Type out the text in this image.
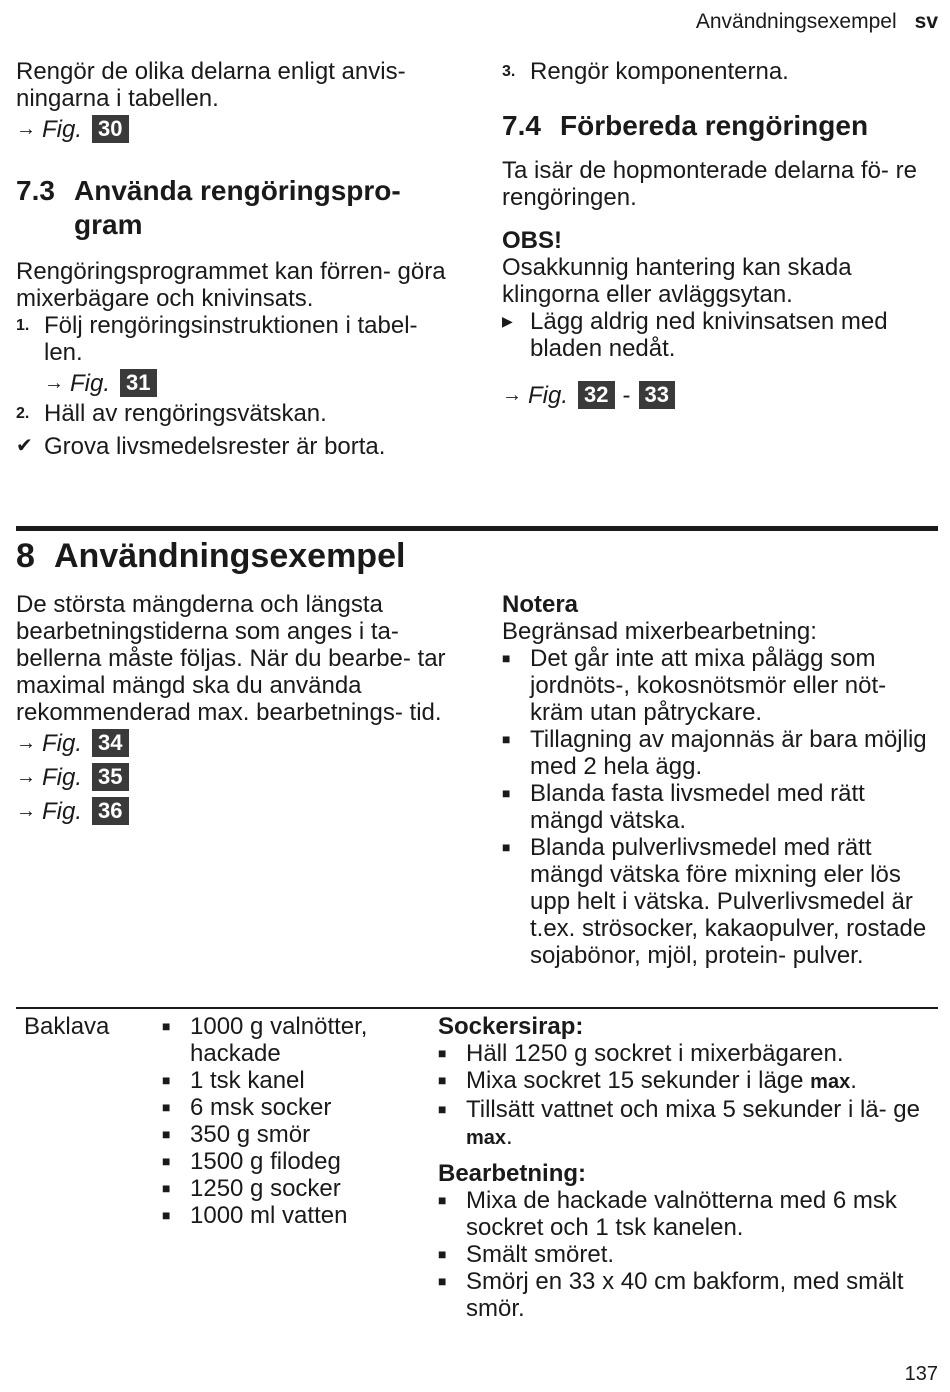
Användningsexempel sv

Rengör de olika delarna enligt anvis- ningarna i tabellen.

→ Fig. 30
7.3 Använda rengöringspro-
gram

Rengöringsprogrammet kan förren- göra mixerbägare och knivinsats.

1. Följ rengöringsinstruktionen i tabel- len.
→ Fig. 31
2. Häll av rengöringsvätskan.
✔ Grova livsmedelsrester är borta.
3. Rengör komponenterna.
7.4 Förbereda rengöringen

Ta isär de hopmonterade delarna fö- re rengöringen.

OBS!

Osakkunnig hantering kan skada klingorna eller avläggsytan.

▶ Lägg aldrig ned knivinsatsen med bladen nedåt.
→ Fig. 32 - 33
8 Användningsexempel

De största mängderna och längsta bearbetningstiderna som anges i ta- bellerna måste följas. När du bearbe- tar maximal mängd ska du använda rekommenderad max. bearbetnings- tid.

→ Fig. 34
→ Fig. 35
→ Fig. 36

Notera

Begränsad mixerbearbetning:

■ Det går inte att mixa pålägg som jordnöts-, kokosnötsmör eller nöt- kräm utan påtryckare.
■ Tillagning av majonnäs är bara möjlig med 2 hela ägg.
■ Blanda fasta livsmedel med rätt mängd vätska.
■ Blanda pulverlivsmedel med rätt mängd vätska före mixning eler lös upp helt i vätska. Pulverlivsmedel är t.ex. strösocker, kakaopulver, rostade sojabönor, mjöl, protein- pulver.
Baklava	■ 1000 g valnötter, hackade
■ 1 tsk kanel
■ 6 msk socker
■ 350 g smör
■ 1500 g filodeg
■ 1250 g socker
■ 1000 ml vatten

Sockersirap:

■ Häll 1250 g sockret i mixerbägaren.
■ Mixa sockret 15 sekunder i läge max.
■ Tillsätt vattnet och mixa 5 sekunder i lä- ge max.

Bearbetning:

■ Mixa de hackade valnötterna med 6 msk sockret och 1 tsk kanelen.
■ Smält smöret.
■ Smörj en 33 x 40 cm bakform, med smält smör.
137
